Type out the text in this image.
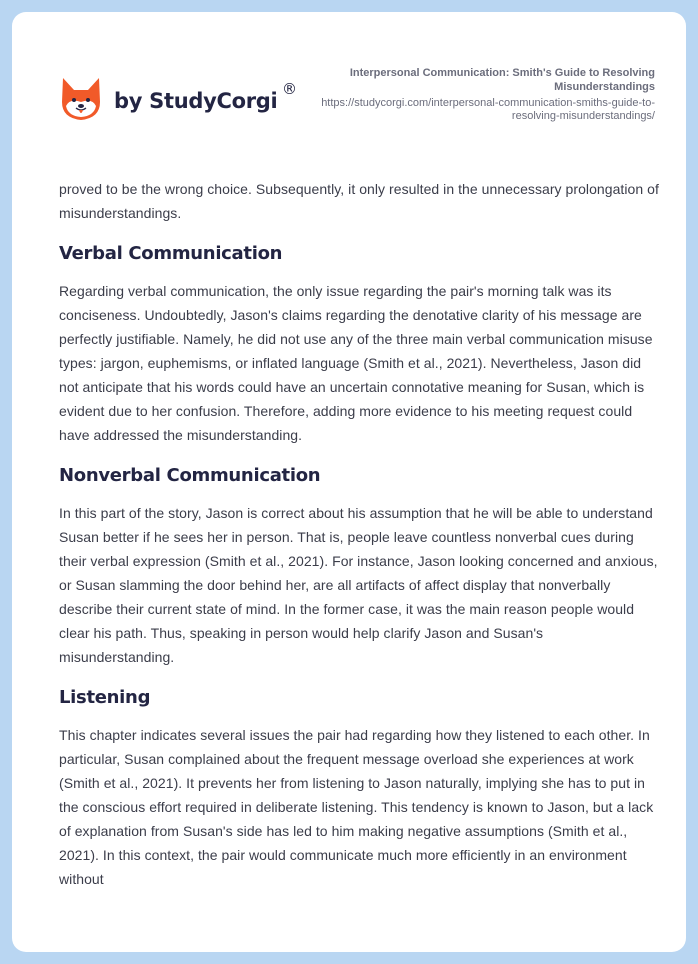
by StudyCorgi ®
Interpersonal Communication: Smith's Guide to Resolving Misunderstandings
https://studycorgi.com/interpersonal-communication-smiths-guide-to-resolving-misunderstandings/

proved to be the wrong choice. Subsequently, it only resulted in the unnecessary prolongation of misunderstandings.

Verbal Communication

Regarding verbal communication, the only issue regarding the pair's morning talk was its conciseness. Undoubtedly, Jason's claims regarding the denotative clarity of his message are perfectly justifiable. Namely, he did not use any of the three main verbal communication misuse types: jargon, euphemisms, or inflated language (Smith et al., 2021). Nevertheless, Jason did not anticipate that his words could have an uncertain connotative meaning for Susan, which is evident due to her confusion. Therefore, adding more evidence to his meeting request could have addressed the misunderstanding.

Nonverbal Communication

In this part of the story, Jason is correct about his assumption that he will be able to understand Susan better if he sees her in person. That is, people leave countless nonverbal cues during their verbal expression (Smith et al., 2021). For instance, Jason looking concerned and anxious, or Susan slamming the door behind her, are all artifacts of affect display that nonverbally describe their current state of mind. In the former case, it was the main reason people would clear his path. Thus, speaking in person would help clarify Jason and Susan's misunderstanding.

Listening

This chapter indicates several issues the pair had regarding how they listened to each other. In particular, Susan complained about the frequent message overload she experiences at work (Smith et al., 2021). It prevents her from listening to Jason naturally, implying she has to put in the conscious effort required in deliberate listening. This tendency is known to Jason, but a lack of explanation from Susan's side has led to him making negative assumptions (Smith et al., 2021). In this context, the pair would communicate much more efficiently in an environment without
